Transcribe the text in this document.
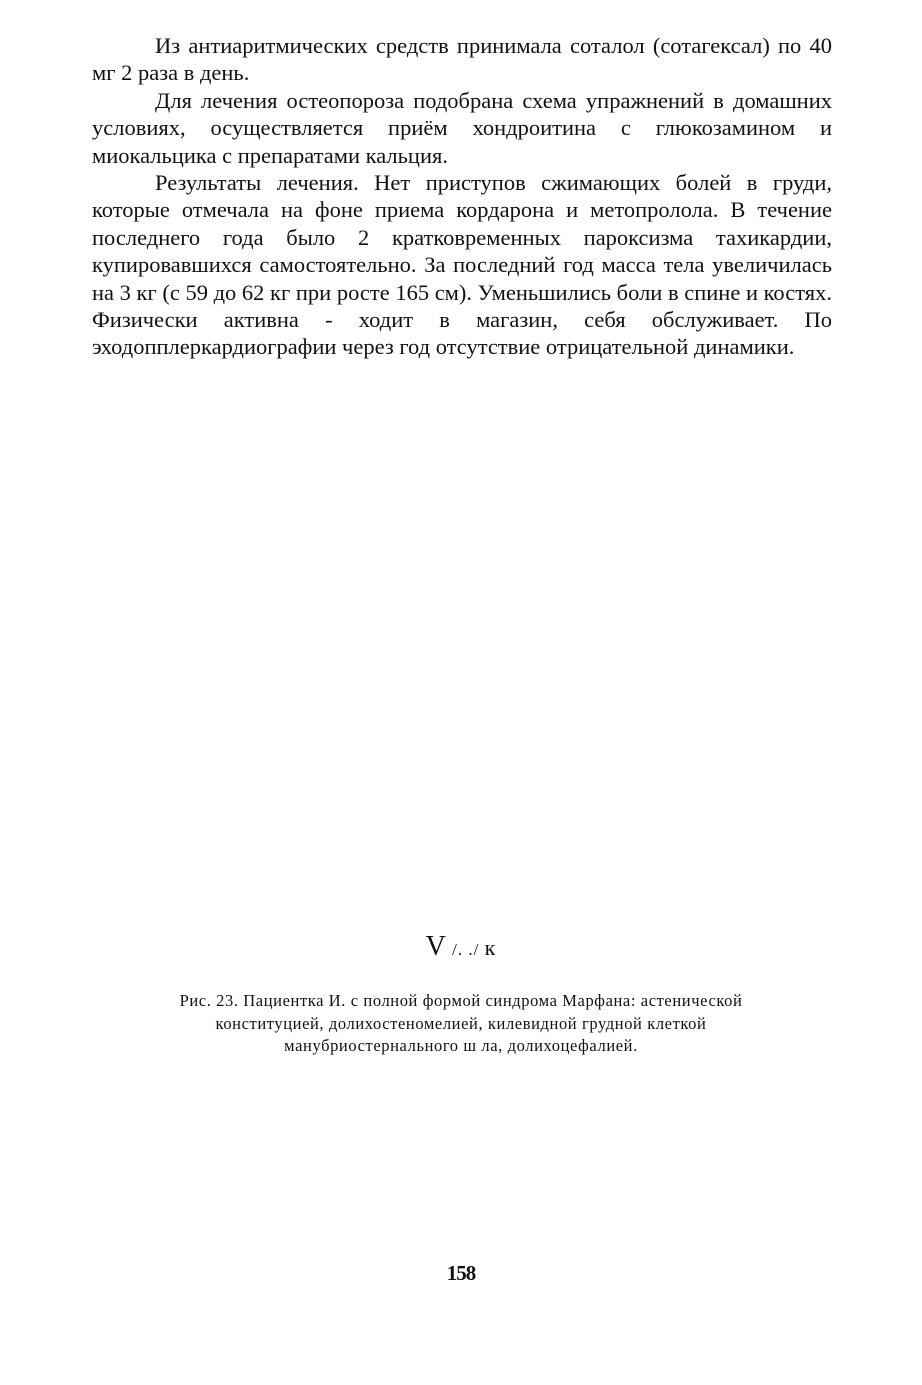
Из антиаритмических средств принимала соталол (сотагексал) по 40 мг 2 раза в день.

Для лечения остеопороза подобрана схема упражнений в домашних условиях, осуществляется приём хондроитина с глюкозамином и миокальцика с препаратами кальция.

Результаты лечения. Нет приступов сжимающих болей в груди, которые отмечала на фоне приема кордарона и метопролола. В течение последнего года было 2 кратковременных пароксизма тахикардии, купировавшихся самостоятельно. За последний год масса тела увеличилась на 3 кг (с 59 до 62 кг при росте 165 см). Уменьшились боли в спине и костях. Физически активна - ходит в магазин, себя обслуживает. По эходопплеркардиографии через год отсутствие отрицательной динамики.

V /. ./ к
Рис. 23. Пациентка И. с полной формой синдрома Марфана: астенической
конституцией, долихостеномелией, килевидной грудной клеткой
манубриостернального ш ла, долихоцефалией.
158
